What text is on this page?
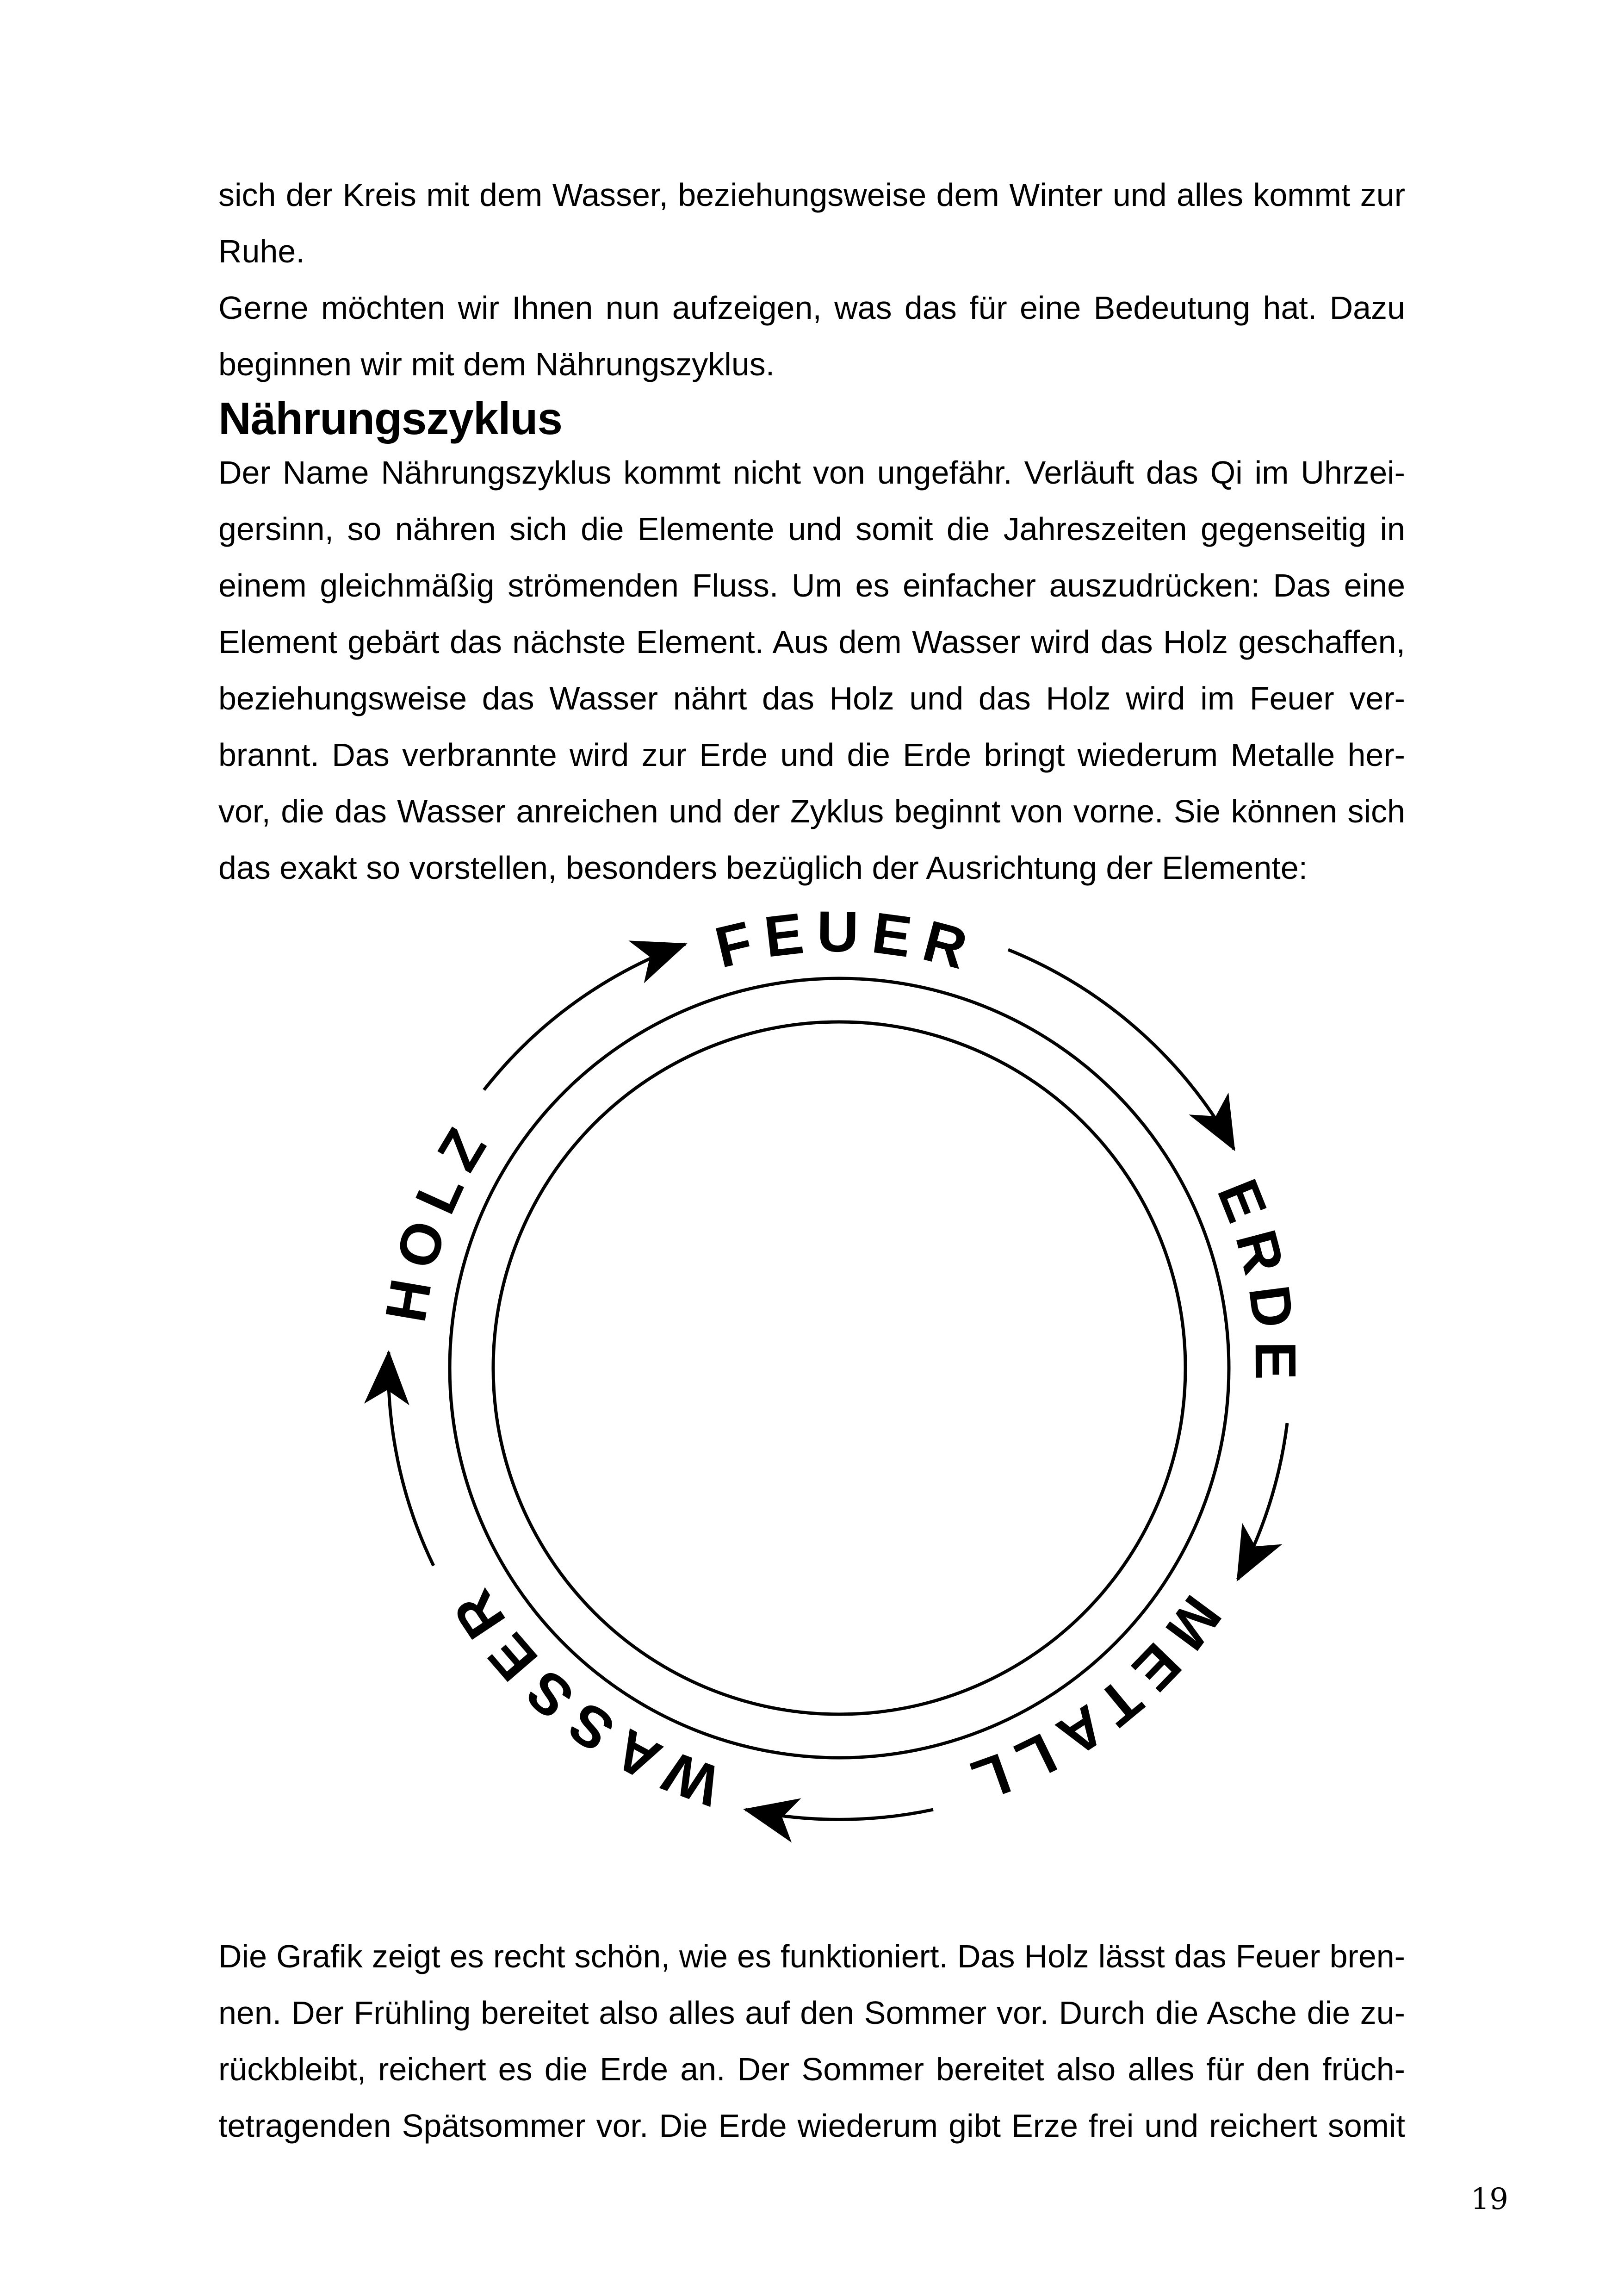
sich der Kreis mit dem Wasser, beziehungsweise dem Winter und alles kommt zur
Ruhe.
Gerne möchten wir Ihnen nun aufzeigen, was das für eine Bedeutung hat. Dazu
beginnen wir mit dem Nährungszyklus.
Nährungszyklus
Der Name Nährungszyklus kommt nicht von ungefähr. Verläuft das Qi im Uhrzei-
gersinn, so nähren sich die Elemente und somit die Jahreszeiten gegenseitig in
einem gleichmäßig strömenden Fluss. Um es einfacher auszudrücken: Das eine
Element gebärt das nächste Element. Aus dem Wasser wird das Holz geschaffen,
beziehungsweise das Wasser nährt das Holz und das Holz wird im Feuer ver-
brannt. Das verbrannte wird zur Erde und die Erde bringt wiederum Metalle her-
vor, die das Wasser anreichen und der Zyklus beginnt von vorne. Sie können sich
das exakt so vorstellen, besonders bezüglich der Ausrichtung der Elemente:
FEUER
ERDE
METALL
WASSER
HOLZ
Die Grafik zeigt es recht schön, wie es funktioniert. Das Holz lässt das Feuer bren-
nen. Der Frühling bereitet also alles auf den Sommer vor. Durch die Asche die zu-
rückbleibt, reichert es die Erde an. Der Sommer bereitet also alles für den früch-
tetragenden Spätsommer vor. Die Erde wiederum gibt Erze frei und reichert somit
19
